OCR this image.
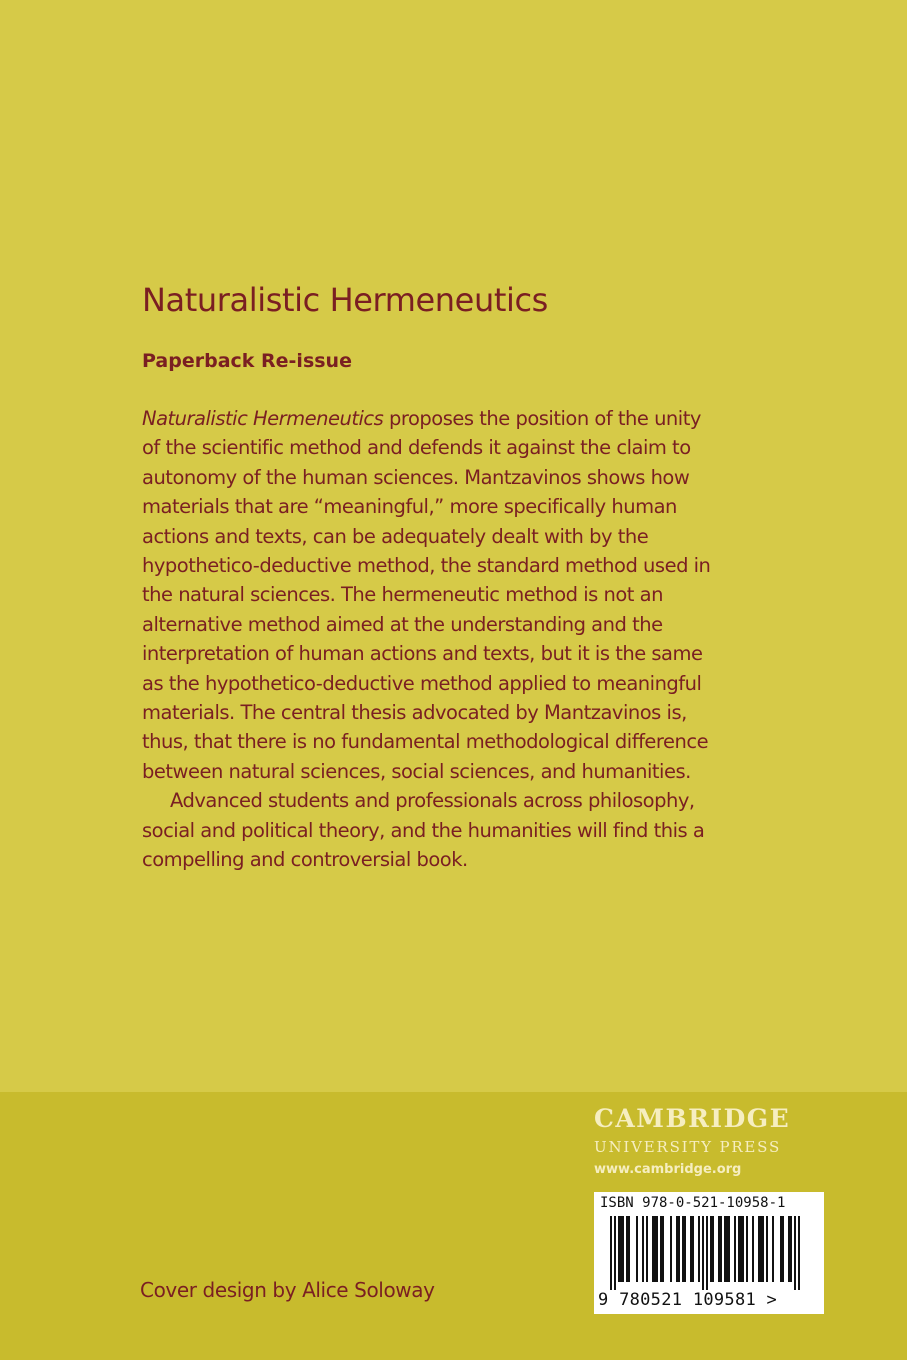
Naturalistic Hermeneutics
Paperback Re-issue
Naturalistic Hermeneutics proposes the position of the unity
of the scientific method and defends it against the claim to
autonomy of the human sciences. Mantzavinos shows how
materials that are “meaningful,” more specifically human
actions and texts, can be adequately dealt with by the
hypothetico-deductive method, the standard method used in
the natural sciences. The hermeneutic method is not an
alternative method aimed at the understanding and the
interpretation of human actions and texts, but it is the same
as the hypothetico-deductive method applied to meaningful
materials. The central thesis advocated by Mantzavinos is,
thus, that there is no fundamental methodological difference
between natural sciences, social sciences, and humanities.
Advanced students and professionals across philosophy,
social and political theory, and the humanities will find this a
compelling and controversial book.
Cover design by Alice Soloway
CAMBRIDGE
UNIVERSITY PRESS
www.cambridge.org
ISBN 978-0-521-10958-1
9 780521 109581 >
